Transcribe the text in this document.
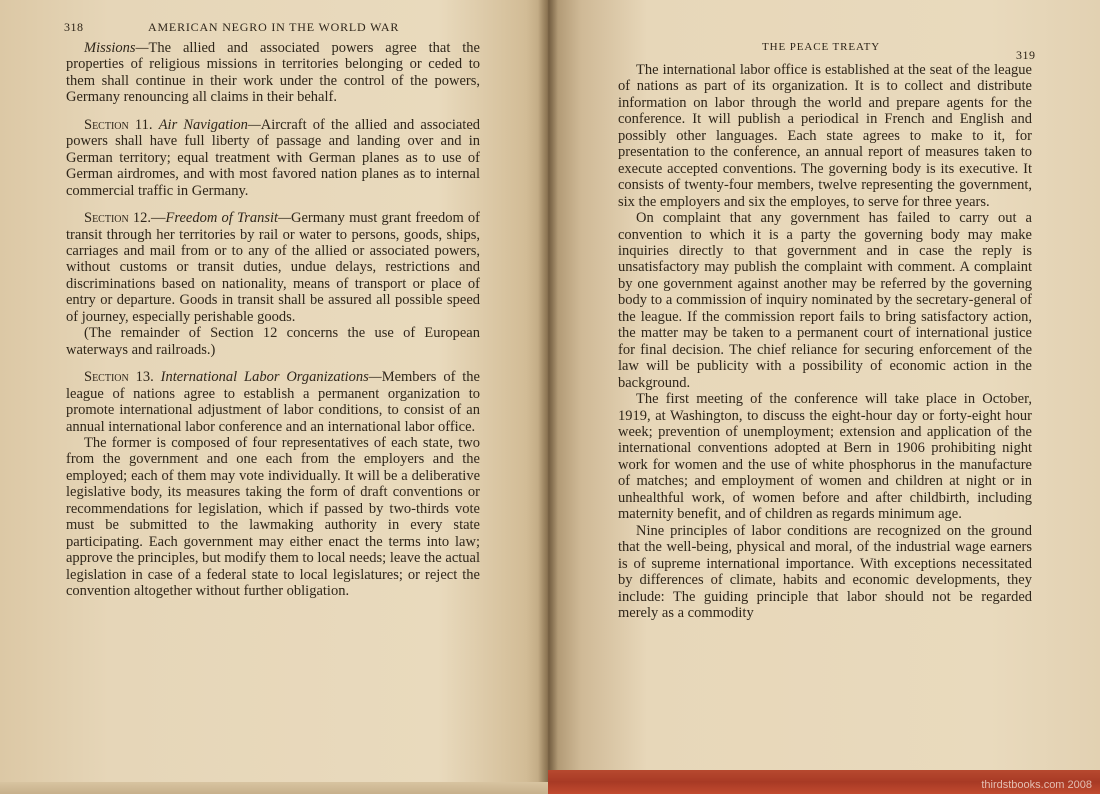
318	AMERICAN NEGRO IN THE WORLD WAR

Missions—The allied and associated powers agree that the properties of religious missions in territories belonging or ceded to them shall continue in their work under the control of the powers, Germany renouncing all claims in their behalf.

Section 11. Air Navigation—Aircraft of the allied and associated powers shall have full liberty of passage and landing over and in German territory; equal treatment with German planes as to use of German airdromes, and with most favored nation planes as to internal commercial traffic in Germany.

Section 12.—Freedom of Transit—Germany must grant freedom of transit through her territories by rail or water to persons, goods, ships, carriages and mail from or to any of the allied or associated powers, without customs or transit duties, undue delays, restrictions and discriminations based on nationality, means of transport or place of entry or departure. Goods in transit shall be assured all possible speed of journey, especially perishable goods.

(The remainder of Section 12 concerns the use of European waterways and railroads.)

Section 13. International Labor Organizations—Members of the league of nations agree to establish a permanent organization to promote international adjustment of labor conditions, to consist of an annual international labor conference and an international labor office.

The former is composed of four representatives of each state, two from the government and one each from the employers and the employed; each of them may vote individually. It will be a deliberative legislative body, its measures taking the form of draft conventions or recommendations for legislation, which if passed by two-thirds vote must be submitted to the lawmaking authority in every state participating. Each government may either enact the terms into law; approve the principles, but modify them to local needs; leave the actual legislation in case of a federal state to local legislatures; or reject the convention altogether without further obligation.

THE PEACE TREATY
319

The international labor office is established at the seat of the league of nations as part of its organization. It is to collect and distribute information on labor through the world and prepare agents for the conference. It will publish a periodical in French and English and possibly other languages. Each state agrees to make to it, for presentation to the conference, an annual report of measures taken to execute accepted conventions. The governing body is its executive. It consists of twenty-four members, twelve representing the government, six the employers and six the employes, to serve for three years.

On complaint that any government has failed to carry out a convention to which it is a party the governing body may make inquiries directly to that government and in case the reply is unsatisfactory may publish the complaint with comment. A complaint by one government against another may be referred by the governing body to a commission of inquiry nominated by the secretary-general of the league. If the commission report fails to bring satisfactory action, the matter may be taken to a permanent court of international justice for final decision. The chief reliance for securing enforcement of the law will be publicity with a possibility of economic action in the background.

The first meeting of the conference will take place in October, 1919, at Washington, to discuss the eight-hour day or forty-eight hour week; prevention of unemployment; extension and application of the international conventions adopted at Bern in 1906 prohibiting night work for women and the use of white phosphorus in the manufacture of matches; and employment of women and children at night or in unhealthful work, of women before and after childbirth, including maternity benefit, and of children as regards minimum age.

Nine principles of labor conditions are recognized on the ground that the well-being, physical and moral, of the industrial wage earners is of supreme international importance. With exceptions necessitated by differences of climate, habits and economic developments, they include: The guiding principle that labor should not be regarded merely as a commodity

thirdstbooks.com 2008
